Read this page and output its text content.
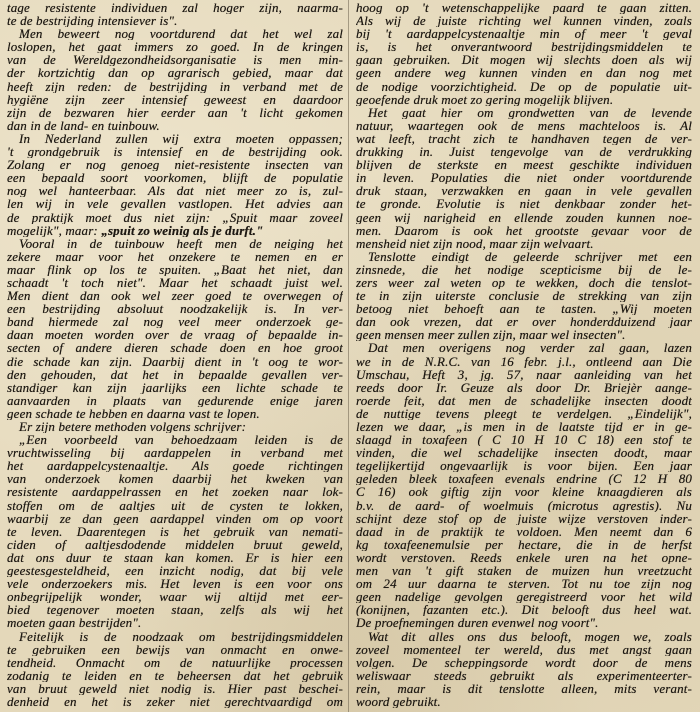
tage resistente individuen zal hoger zijn, naarma-
te de bestrijding intensiever is".
Men beweert nog voortdurend dat het wel zal
loslopen, het gaat immers zo goed. In de kringen
van de Wereldgezondheidsorganisatie is men min-
der kortzichtig dan op agrarisch gebied, maar dat
heeft zijn reden: de bestrijding in verband met de
hygiëne zijn zeer intensief geweest en daardoor
zijn de bezwaren hier eerder aan 't licht gekomen
dan in de land- en tuinbouw.
In Nederland zullen wij extra moeten oppassen;
't grondgebruik is intensief en de bestrijding ook.
Zolang er nog genoeg niet-resistente insecten van
een bepaald soort voorkomen, blijft de populatie
nog wel hanteerbaar. Als dat niet meer zo is, zul-
len wij in vele gevallen vastlopen. Het advies aan
de praktijk moet dus niet zijn: „Spuit maar zoveel
mogelijk", maar: „spuit zo weinig als je durft."
Vooral in de tuinbouw heeft men de neiging het
zekere maar voor het onzekere te nemen en er
maar flink op los te spuiten. „Baat het niet, dan
schaadt 't toch niet". Maar het schaadt juist wel.
Men dient dan ook wel zeer goed te overwegen of
een bestrijding absoluut noodzakelijk is. In ver-
band hiermede zal nog veel meer onderzoek ge-
daan moeten worden over de vraag of bepaalde in-
secten of andere dieren schade doen en hoe groot
die schade kan zijn. Daarbij dient in 't oog te wor-
den gehouden, dat het in bepaalde gevallen ver-
standiger kan zijn jaarlijks een lichte schade te
aanvaarden in plaats van gedurende enige jaren
geen schade te hebben en daarna vast te lopen.
Er zijn betere methoden volgens schrijver:
„Een voorbeeld van behoedzaam leiden is de
vruchtwisseling bij aardappelen in verband met
het aardappelcystenaaltje. Als goede richtingen
van onderzoek komen daarbij het kweken van
resistente aardappelrassen en het zoeken naar lok-
stoffen om de aaltjes uit de cysten te lokken,
waarbij ze dan geen aardappel vinden om op voort
te leven. Daarentegen is het gebruik van nemati-
ciden of aaltjesdodende middelen bruut geweld,
dat ons duur te staan kan komen. Er is hier een
geestesgesteldheid, een inzicht nodig, dat bij vele
vele onderzoekers mis. Het leven is een voor ons
onbegrijpelijk wonder, waar wij altijd met eer-
bied tegenover moeten staan, zelfs als wij het
moeten gaan bestrijden".
Feitelijk is de noodzaak om bestrijdingsmiddelen
te gebruiken een bewijs van onmacht en onwe-
tendheid. Onmacht om de natuurlijke processen
zodanig te leiden en te beheersen dat het gebruik
van bruut geweld niet nodig is. Hier past beschei-
denheid en het is zeker niet gerechtvaardigd om
hoog op 't wetenschappelijke paard te gaan zitten.
Als wij de juiste richting wel kunnen vinden, zoals
bij 't aardappelcystenaaltje min of meer 't geval
is, is het onverantwoord bestrijdingsmiddelen te
gaan gebruiken. Dit mogen wij slechts doen als wij
geen andere weg kunnen vinden en dan nog met
de nodige voorzichtigheid. De op de populatie uit-
geoefende druk moet zo gering mogelijk blijven.
Het gaat hier om grondwetten van de levende
natuur, waartegen ook de mens machteloos is. Al
wat leeft, tracht zich te handhaven tegen de ver-
drukking in. Juist tengevolge van de verdrukking
blijven de sterkste en meest geschikte individuen
in leven. Populaties die niet onder voortdurende
druk staan, verzwakken en gaan in vele gevallen
te gronde. Evolutie is niet denkbaar zonder het-
geen wij narigheid en ellende zouden kunnen noe-
men. Daarom is ook het grootste gevaar voor de
mensheid niet zijn nood, maar zijn welvaart.
Tenslotte eindigt de geleerde schrijver met een
zinsnede, die het nodige scepticisme bij de le-
zers weer zal weten op te wekken, doch die tenslot-
te in zijn uiterste conclusie de strekking van zijn
betoog niet behoeft aan te tasten. „Wij moeten
dan ook vrezen, dat er over honderdduizend jaar
geen mensen meer zullen zijn, maar wel insecten".
Dat men overigens nog verder zal gaan, lazen
we in de N.R.C. van 16 febr. j.l., ontleend aan Die
Umschau, Heft 3, jg. 57, naar aanleiding van het
reeds door Ir. Geuze als door Dr. Briejèr aange-
roerde feit, dat men de schadelijke insecten doodt
de nuttige tevens pleegt te verdelgen. „Eindelijk",
lezen we daar, „is men in de laatste tijd er in ge-
slaagd in toxafeen ( C 10 H 10 C 18) een stof te
vinden, die wel schadelijke insecten doodt, maar
tegelijkertijd ongevaarlijk is voor bijen. Een jaar
geleden bleek toxafeen evenals endrine (C 12 H 80
C 16) ook giftig zijn voor kleine knaagdieren als
b.v. de aard- of woelmuis (microtus agrestis). Nu
schijnt deze stof op de juiste wijze verstoven inder-
daad in de praktijk te voldoen. Men neemt dan 6
kg toxafeenemulsie per hectare, die in de herfst
wordt verstoven. Reeds enkele uren na het opne-
men van 't gift staken de muizen hun vreetzucht
om 24 uur daarna te sterven. Tot nu toe zijn nog
geen nadelige gevolgen geregistreerd voor het wild
(konijnen, fazanten etc.). Dit belooft dus heel wat.
De proefnemingen duren evenwel nog voort".
Wat dit alles ons dus belooft, mogen we, zoals
zoveel momenteel ter wereld, dus met angst gaan
volgen. De scheppingsorde wordt door de mens
weliswaar steeds gebruikt als experimenteerter-
rein, maar is dit tenslotte alleen, mits verant-
woord gebruikt.
